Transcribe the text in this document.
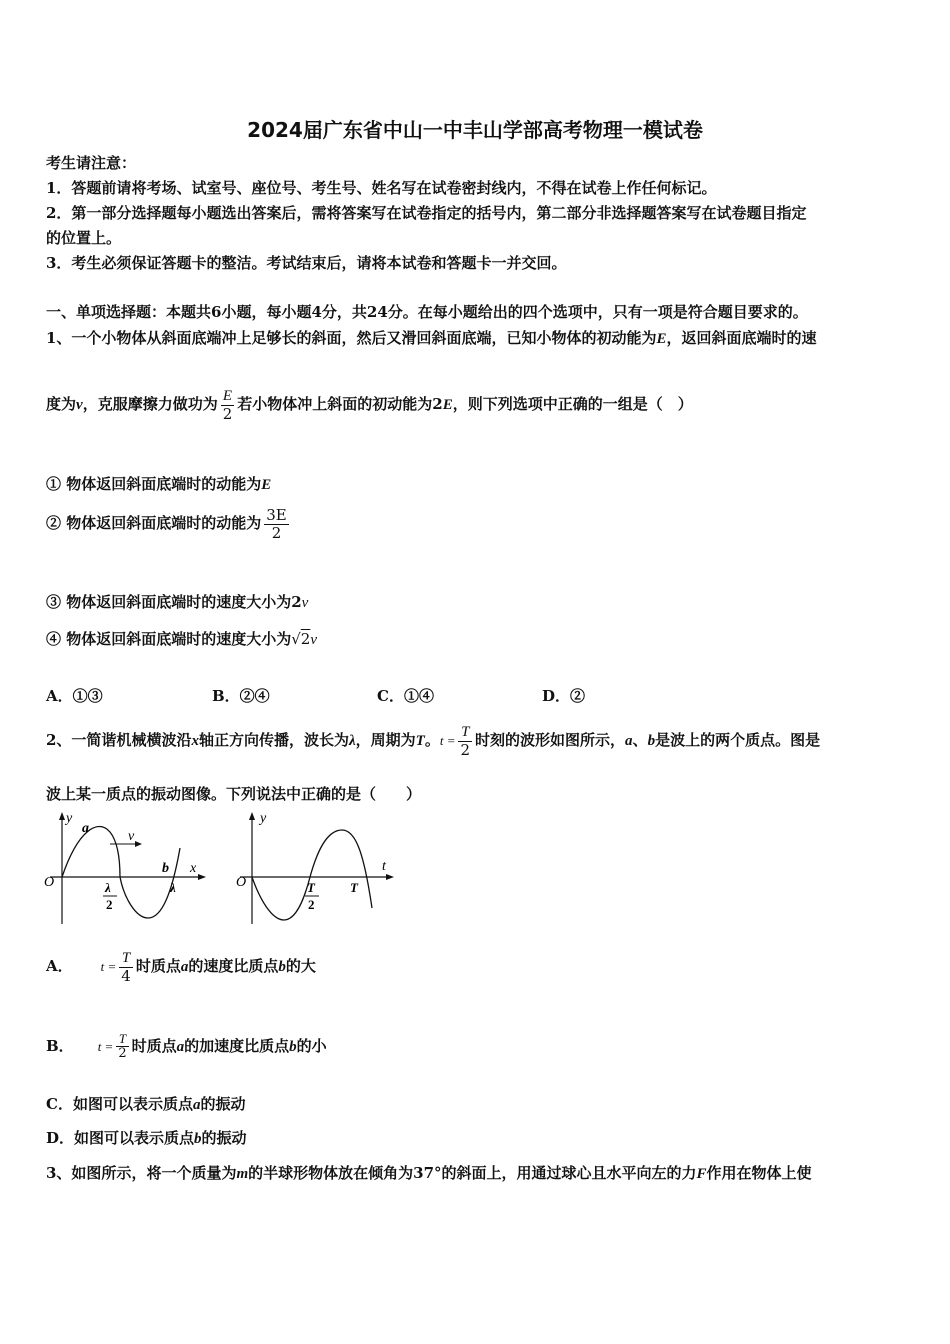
2024届广东省中山一中丰山学部高考物理一模试卷
考生请注意：
1．答题前请将考场、试室号、座位号、考生号、姓名写在试卷密封线内，不得在试卷上作任何标记。
2．第一部分选择题每小题选出答案后，需将答案写在试卷指定的括号内，第二部分非选择题答案写在试卷题目指定
的位置上。
3．考生必须保证答题卡的整洁。考试结束后，请将本试卷和答题卡一并交回。
一、单项选择题：本题共6小题，每小题4分，共24分。在每小题给出的四个选项中，只有一项是符合题目要求的。
1、一个小物体从斜面底端冲上足够长的斜面，然后又滑回斜面底端，已知小物体的初动能为E，返回斜面底端时的速
度为v，克服摩擦力做功为 $\frac{E}{2}$ 若小物体冲上斜面的初动能为2E，则下列选项中正确的一组是（　）
① 物体返回斜面底端时的动能为E
② 物体返回斜面底端时的动能为 $\frac{3E}{2}$
③ 物体返回斜面底端时的速度大小为2v
④ 物体返回斜面底端时的速度大小为√2v
A．①③	B．②④	C．①④	D．②
2、一简谐机械横波沿x轴正方向传播，波长为λ，周期为T。$t = \frac{T}{2}$ 时刻的波形如图所示，a、b是波上的两个质点。图是
波上某一质点的振动图像。下列说法中正确的是（　　）
y
a
v
b x
O	λ
2
λ
y
t
O	T
2
T
A． $t = \frac{T}{4}$ 时质点a的速度比质点b的大
B． $t = \frac{T}{2}$ 时质点a的加速度比质点b的小
C．如图可以表示质点a的振动
D．如图可以表示质点b的振动
3、如图所示，将一个质量为m的半球形物体放在倾角为37°的斜面上，用通过球心且水平向左的力F作用在物体上使
